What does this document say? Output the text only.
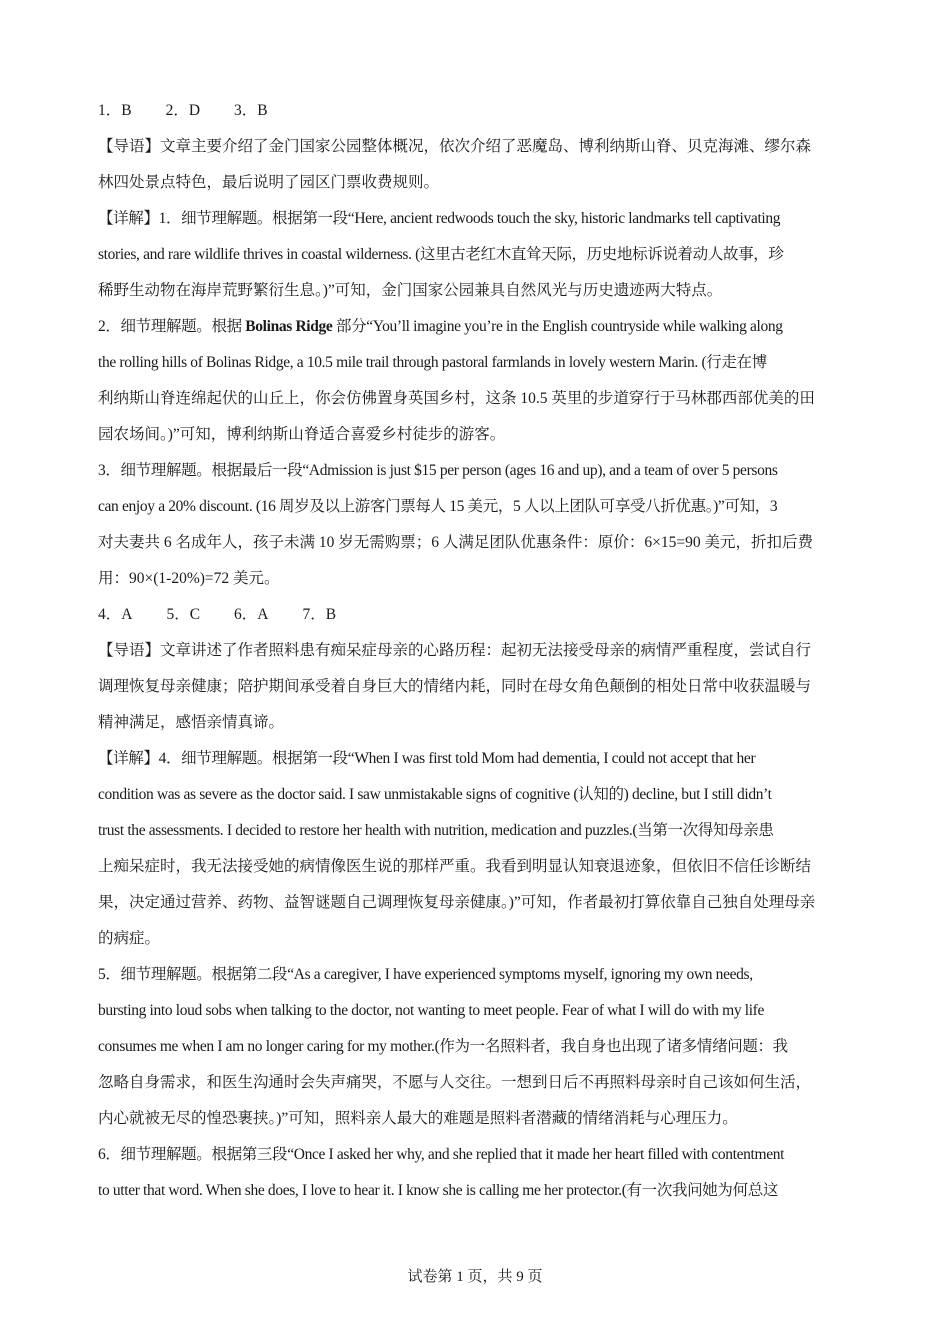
1．B 2．D 3．B
【导语】文章主要介绍了金门国家公园整体概况，依次介绍了恶魔岛、博利纳斯山脊、贝克海滩、缪尔森
林四处景点特色，最后说明了园区门票收费规则。
【详解】1．细节理解题。根据第一段“Here, ancient redwoods touch the sky, historic landmarks tell captivating
stories, and rare wildlife thrives in coastal wilderness. (这里古老红木直耸天际，历史地标诉说着动人故事，珍
稀野生动物在海岸荒野繁衍生息。)”可知，金门国家公园兼具自然风光与历史遗迹两大特点。
2．细节理解题。根据 Bolinas Ridge 部分“You’ll imagine you’re in the English countryside while walking along
the rolling hills of Bolinas Ridge, a 10.5 mile trail through pastoral farmlands in lovely western Marin. (行走在博
利纳斯山脊连绵起伏的山丘上，你会仿佛置身英国乡村，这条 10.5 英里的步道穿行于马林郡西部优美的田
园农场间。)”可知，博利纳斯山脊适合喜爱乡村徒步的游客。
3．细节理解题。根据最后一段“Admission is just $15 per person (ages 16 and up), and a team of over 5 persons
can enjoy a 20% discount. (16 周岁及以上游客门票每人 15 美元，5 人以上团队可享受八折优惠。)”可知，3
对夫妻共 6 名成年人，孩子未满 10 岁无需购票；6 人满足团队优惠条件：原价：6×15=90 美元，折扣后费
用：90×(1-20%)=72 美元。
4．A 5．C 6．A 7．B
【导语】文章讲述了作者照料患有痴呆症母亲的心路历程：起初无法接受母亲的病情严重程度，尝试自行
调理恢复母亲健康；陪护期间承受着自身巨大的情绪内耗，同时在母女角色颠倒的相处日常中收获温暖与
精神满足，感悟亲情真谛。
【详解】4．细节理解题。根据第一段“When I was first told Mom had dementia, I could not accept that her
condition was as severe as the doctor said. I saw unmistakable signs of cognitive (认知的) decline, but I still didn’t
trust the assessments. I decided to restore her health with nutrition, medication and puzzles.(当第一次得知母亲患
上痴呆症时，我无法接受她的病情像医生说的那样严重。我看到明显认知衰退迹象，但依旧不信任诊断结
果，决定通过营养、药物、益智谜题自己调理恢复母亲健康。)”可知，作者最初打算依靠自己独自处理母亲
的病症。
5．细节理解题。根据第二段“As a caregiver, I have experienced symptoms myself, ignoring my own needs,
bursting into loud sobs when talking to the doctor, not wanting to meet people. Fear of what I will do with my life
consumes me when I am no longer caring for my mother.(作为一名照料者，我自身也出现了诸多情绪问题：我
忽略自身需求，和医生沟通时会失声痛哭，不愿与人交往。一想到日后不再照料母亲时自己该如何生活，
内心就被无尽的惶恐裹挟。)”可知，照料亲人最大的难题是照料者潜藏的情绪消耗与心理压力。
6．细节理解题。根据第三段“Once I asked her why, and she replied that it made her heart filled with contentment
to utter that word. When she does, I love to hear it. I know she is calling me her protector.(有一次我问她为何总这
试卷第 1 页，共 9 页
